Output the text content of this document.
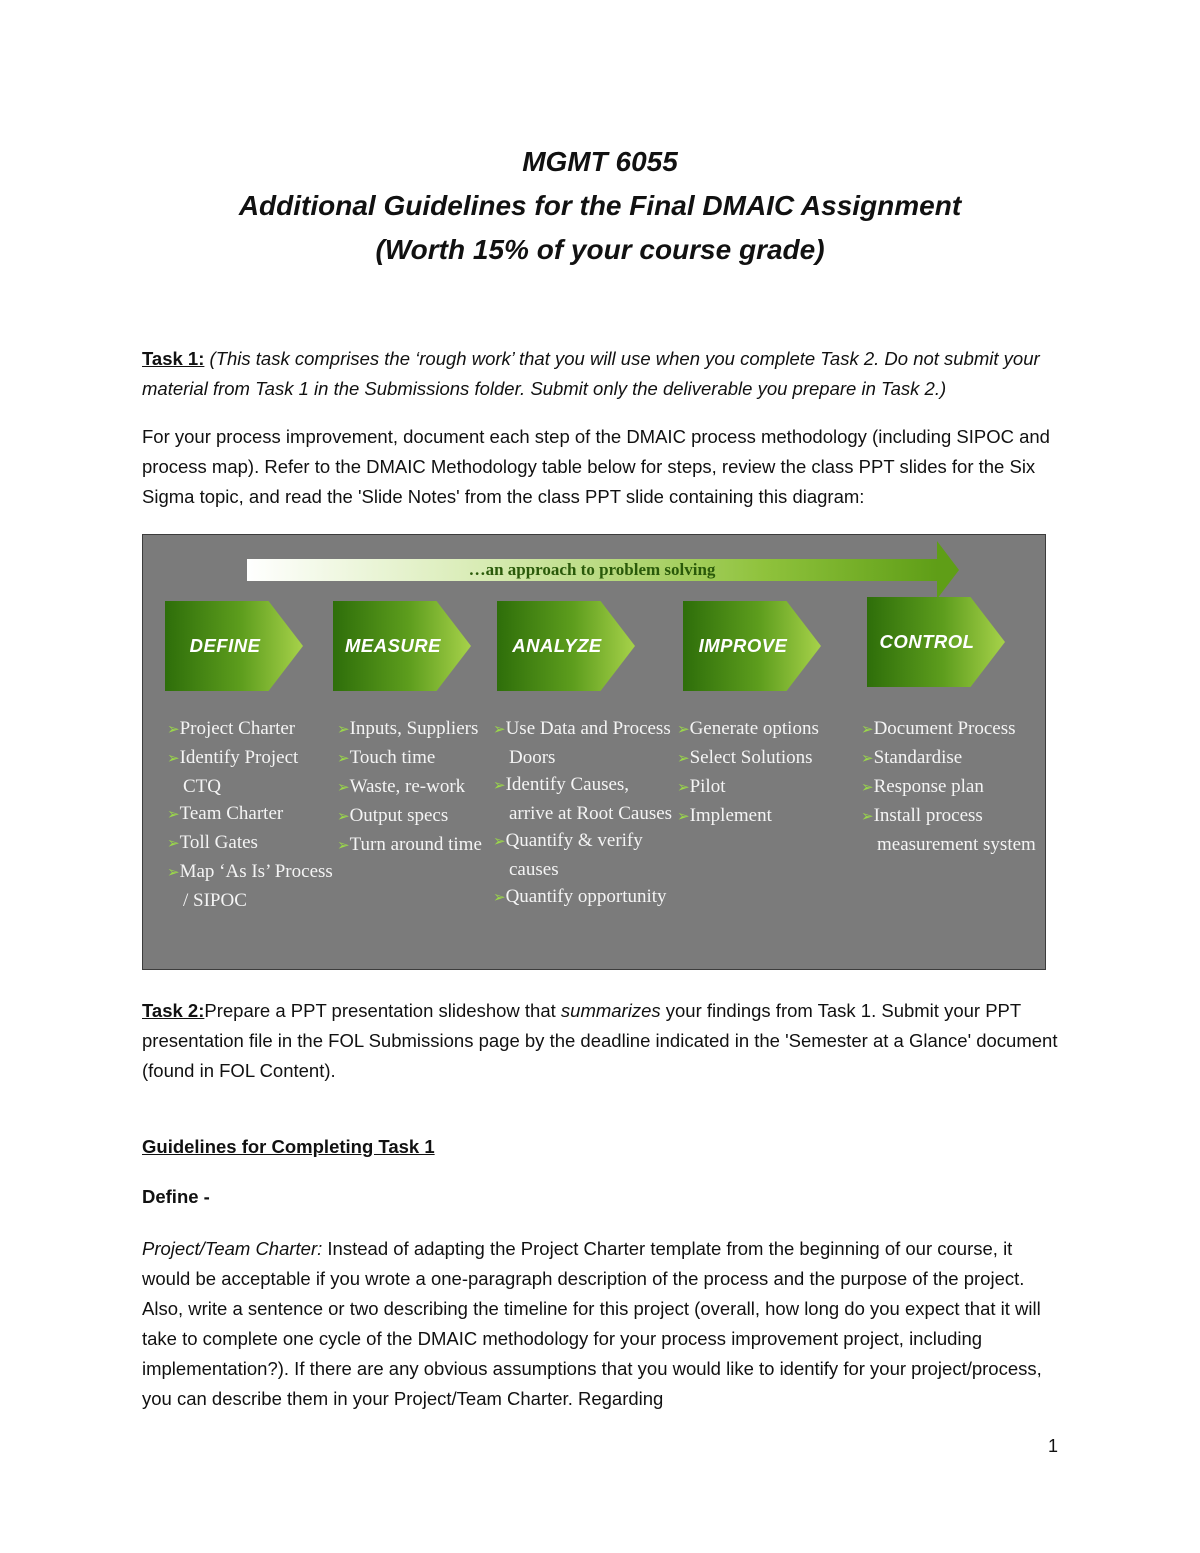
MGMT 6055
Additional Guidelines for the Final DMAIC Assignment
(Worth 15% of your course grade)

Task 1: (This task comprises the ‘rough work’ that you will use when you complete Task 2. Do not submit your material from Task 1 in the Submissions folder. Submit only the deliverable you prepare in Task 2.)

For your process improvement, document each step of the DMAIC process methodology (including SIPOC and process map). Refer to the DMAIC Methodology table below for steps, review the class PPT slides for the Six Sigma topic, and read the 'Slide Notes' from the class PPT slide containing this diagram:

…an approach to problem solving
DEFINE
➢Project Charter
➢Identify Project CTQ
➢Team Charter
➢Toll Gates
➢Map ‘As Is’ Process / SIPOC
MEASURE
➢Inputs, Suppliers
➢Touch time
➢Waste, re-work
➢Output specs
➢Turn around time
ANALYZE
➢Use Data and Process Doors
➢Identify Causes, arrive at Root Causes
➢Quantify & verify causes
➢Quantify opportunity
IMPROVE
➢Generate options
➢Select Solutions
➢Pilot
➢Implement
CONTROL
➢Document Process
➢Standardise
➢Response plan
➢Install process measurement system

Task 2:Prepare a PPT presentation slideshow that summarizes your findings from Task 1. Submit your PPT presentation file in the FOL Submissions page by the deadline indicated in the 'Semester at a Glance' document (found in FOL Content).

Guidelines for Completing Task 1

Define -

Project/Team Charter: Instead of adapting the Project Charter template from the beginning of our course, it would be acceptable if you wrote a one-paragraph description of the process and the purpose of the project. Also, write a sentence or two describing the timeline for this project (overall, how long do you expect that it will take to complete one cycle of the DMAIC methodology for your process improvement project, including implementation?). If there are any obvious assumptions that you would like to identify for your project/process, you can describe them in your Project/Team Charter. Regarding

1
